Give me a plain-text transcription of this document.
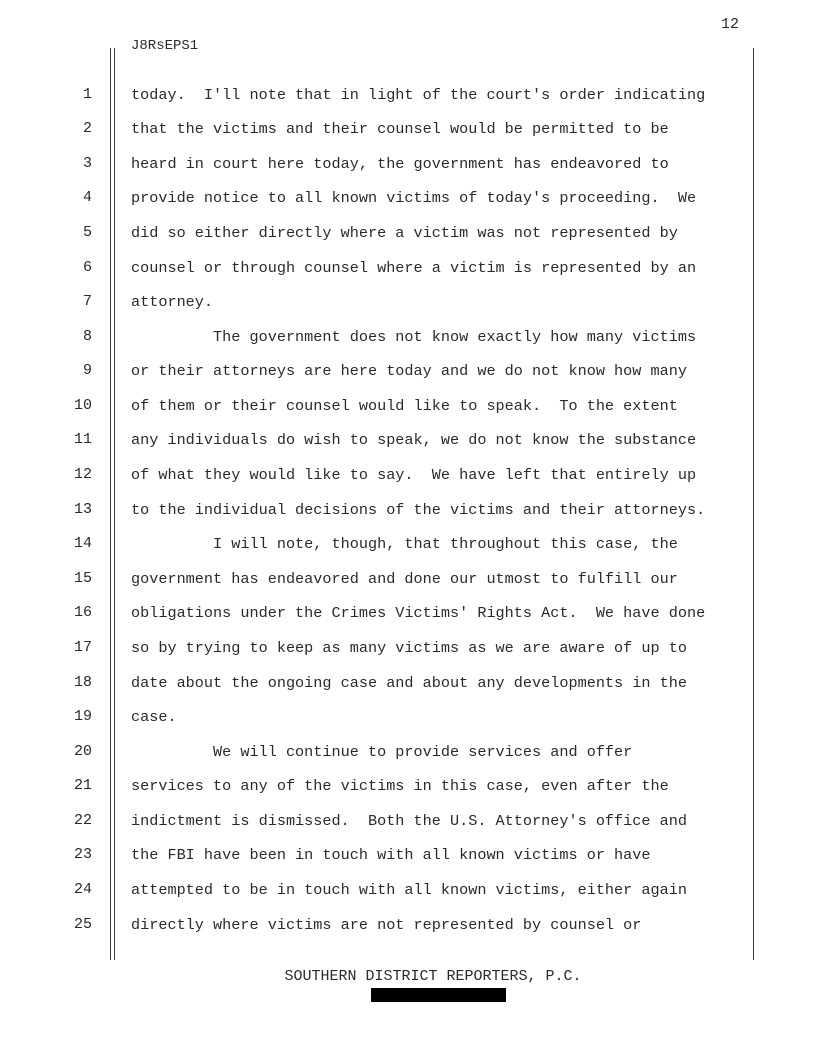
12
J8RsEPS1
1	today.  I'll note that in light of the court's order indicating
2	that the victims and their counsel would be permitted to be
3	heard in court here today, the government has endeavored to
4	provide notice to all known victims of today's proceeding.  We
5	did so either directly where a victim was not represented by
6	counsel or through counsel where a victim is represented by an
7	attorney.
8	The government does not know exactly how many victims
9	or their attorneys are here today and we do not know how many
10	of them or their counsel would like to speak.  To the extent
11	any individuals do wish to speak, we do not know the substance
12	of what they would like to say.  We have left that entirely up
13	to the individual decisions of the victims and their attorneys.
14	I will note, though, that throughout this case, the
15	government has endeavored and done our utmost to fulfill our
16	obligations under the Crimes Victims' Rights Act.  We have done
17	so by trying to keep as many victims as we are aware of up to
18	date about the ongoing case and about any developments in the
19	case.
20	We will continue to provide services and offer
21	services to any of the victims in this case, even after the
22	indictment is dismissed.  Both the U.S. Attorney's office and
23	the FBI have been in touch with all known victims or have
24	attempted to be in touch with all known victims, either again
25	directly where victims are not represented by counsel or
SOUTHERN DISTRICT REPORTERS, P.C.
